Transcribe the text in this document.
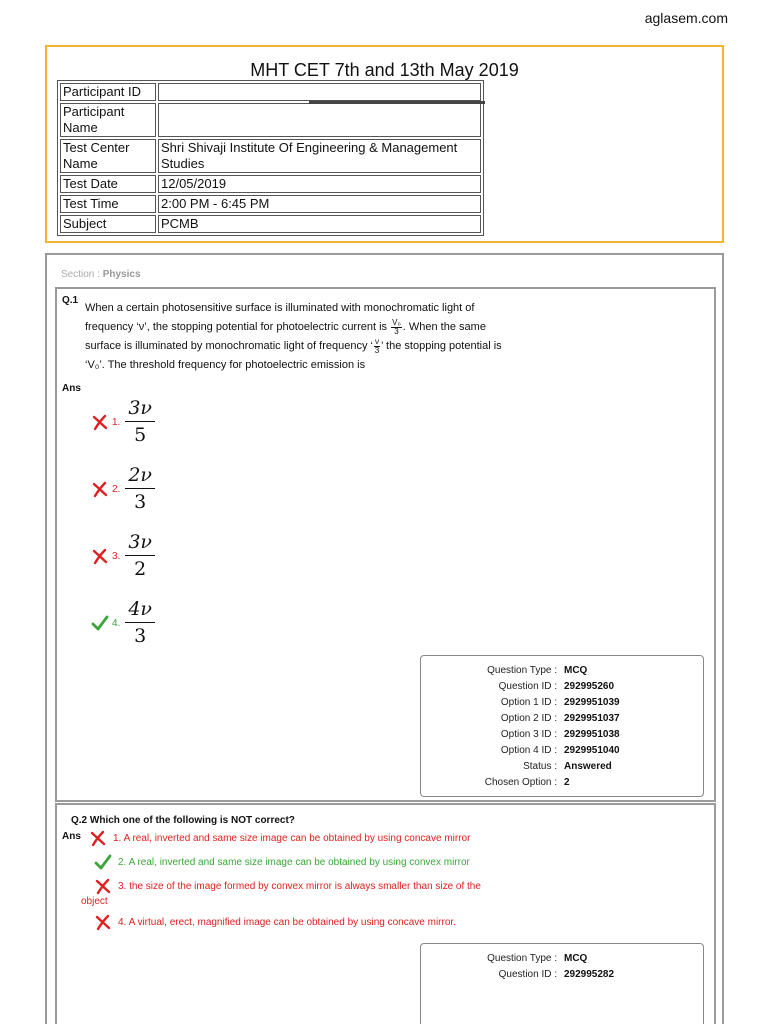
aglasem.com
MHT CET 7th and 13th May 2019
Participant ID	
Participant Name	
Test Center Name	Shri Shivaji Institute Of Engineering & Management Studies
Test Date	12/05/2019
Test Time	2:00 PM - 6:45 PM
Subject	PCMB
Section : Physics
Q.1
When a certain photosensitive surface is illuminated with monochromatic light of frequency ‘ν’, the stopping potential for photoelectric current is $\frac{\text{V₀}}{3}$ . When the same surface is illuminated by monochromatic light of frequency ‘ $\frac{\nu}{3}$ ’ the stopping potential is ‘V₀’. The threshold frequency for photoelectric emission is
Ans
1. $\frac{3\nu}{5}$
2. $\frac{2\nu}{3}$
3. $\frac{3\nu}{2}$
4. $\frac{4\nu}{3}$
Question Type : MCQ
Question ID : 292995260
Option 1 ID : 2929951039
Option 2 ID : 2929951037
Option 3 ID : 2929951038
Option 4 ID : 2929951040
Status : Answered
Chosen Option : 2
Q.2 Which one of the following is NOT correct?
Ans	1. A real, inverted and same size image can be obtained by using concave mirror
2. A real, inverted and same size image can be obtained by using convex mirror
3. the size of the image formed by convex mirror is always smaller than size of the
object
4. A virtual, erect, magnified image can be obtained by using concave mirror.
Question Type : MCQ
Question ID : 292995282
